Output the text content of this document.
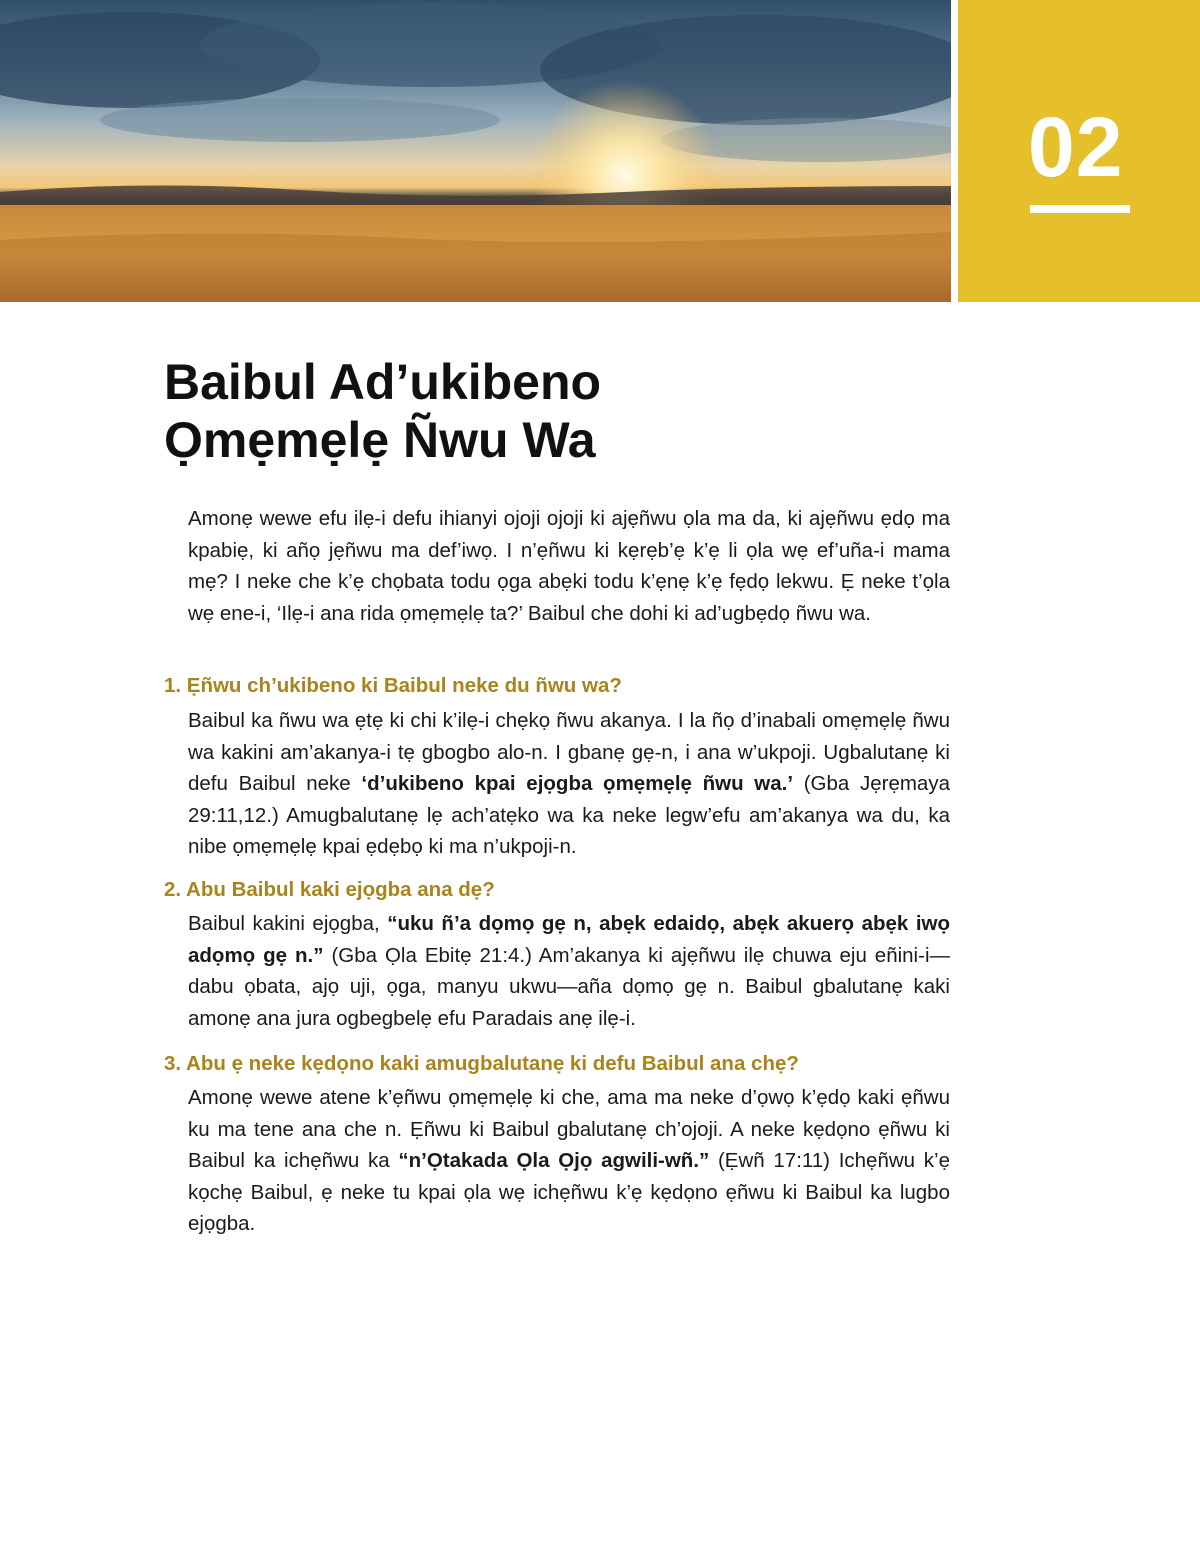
02
Baibul Ad’ukibeno
Ọmẹmẹlẹ Ñwu Wa

Amonẹ wewe efu ilẹ-i defu ihianyi ojoji ojoji ki ajẹñwu ọla ma da, ki ajẹñwu ẹdọ ma kpabiẹ, ki añọ jẹñwu ma def’iwọ. I n’ẹñwu ki kẹrẹb’ẹ k’ẹ li ọla wẹ ef’uña-i mama mẹ? I neke che k’ẹ chọbata todu ọga abẹki todu k’ẹnẹ k’ẹ fẹdọ lekwu. Ẹ neke t’ọla wẹ ene-i, ‘Ilẹ-i ana rida ọmẹmẹlẹ ta?’ Baibul che dohi ki ad’ugbẹdọ ñwu wa.

1. Ẹñwu ch’ukibeno ki Baibul neke du ñwu wa?

Baibul ka ñwu wa ẹtẹ ki chi k’ilẹ-i chẹkọ ñwu akanya. I la ñọ d’inabali omẹmẹlẹ ñwu wa kakini am’akanya-i tẹ gbogbo alo-n. I gbanẹ gẹ-n, i ana w’ukpoji. Ugbalutanẹ ki defu Baibul neke ‘d’ukibeno kpai ejọgba ọmẹmẹlẹ ñwu wa.’ (Gba Jẹrẹmaya 29:11,12.) Amugbalutanẹ lẹ ach’atẹko wa ka neke legw’efu am’akanya wa du, ka nibe ọmẹmẹlẹ kpai ẹdẹbọ ki ma n’ukpoji-n.

2. Abu Baibul kaki ejọgba ana dẹ?

Baibul kakini ejọgba, “uku ñ’a dọmọ gẹ n, abẹk edaidọ, abẹk akuerọ abẹk iwọ adọmọ gẹ n.” (Gba Ọla Ebitẹ 21:4.) Am’akanya ki ajẹñwu ilẹ chuwa eju eñini-i—dabu ọbata, ajọ uji, ọga, manyu ukwu—aña dọmọ gẹ n. Baibul gbalutanẹ kaki amonẹ ana jura ogbegbelẹ efu Paradais anẹ ilẹ-i.

3. Abu ẹ neke kẹdọno kaki amugbalutanẹ ki defu Baibul ana chẹ?

Amonẹ wewe atene k’ẹñwu ọmẹmẹlẹ ki che, ama ma neke d’ọwọ k’ẹdọ kaki ẹñwu ku ma tene ana che n. Ẹñwu ki Baibul gbalutanẹ ch’ojoji. A neke kẹdọno ẹñwu ki Baibul ka ichẹñwu ka “n’Ọtakada Ọla Ọjọ agwili-wñ.” (Ẹwñ 17:11) Ichẹñwu k’ẹ kọchẹ Baibul, ẹ neke tu kpai ọla wẹ ichẹñwu k’ẹ kẹdọno ẹñwu ki Baibul ka lugbo ejọgba.
